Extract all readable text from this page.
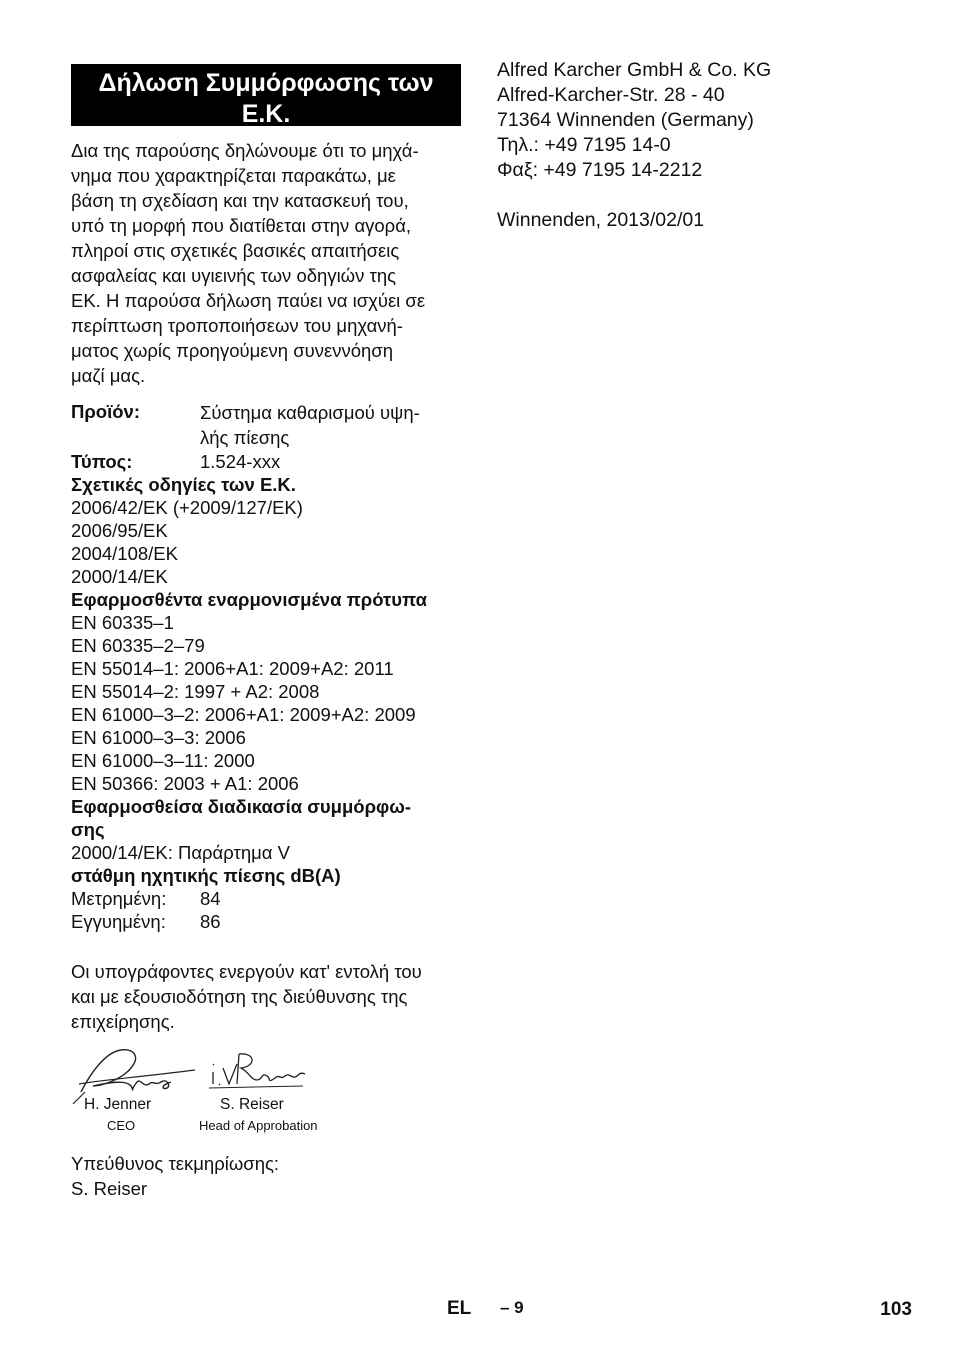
Δήλωση Συμμόρφωσης των Ε.Κ.
Δια της παρούσης δηλώνουμε ότι το μηχά-
νημα που χαρακτηρίζεται παρακάτω, με
βάση τη σχεδίαση και την κατασκευή του,
υπό τη μορφή που διατίθεται στην αγορά,
πληροί στις σχετικές βασικές απαιτήσεις
ασφαλείας και υγιεινής των οδηγιών της
ΕΚ. Η παρούσα δήλωση παύει να ισχύει σε
περίπτωση τροποποιήσεων του μηχανή-
ματος χωρίς προηγούμενη συνεννόηση
μαζί μας.
Προϊόν:	Σύστημα καθαρισμού υψη-
λής πίεσης
Τύπος:	1.524-xxx
Σχετικές οδηγίες των Ε.Κ.
2006/42/ΕΚ (+2009/127/ΕΚ)
2006/95/ΕΚ
2004/108/ΕΚ
2000/14/ΕΚ
Εφαρμοσθέντα εναρμονισμένα πρότυπα
EN 60335–1
EN 60335–2–79
EN 55014–1: 2006+A1: 2009+A2: 2011
EN 55014–2: 1997 + A2: 2008
EN 61000–3–2: 2006+A1: 2009+A2: 2009
EN 61000–3–3: 2006
EN 61000–3–11: 2000
EN 50366: 2003 + A1: 2006
Εφαρμοσθείσα διαδικασία συμμόρφω-
σης
2000/14/ΕΚ: Παράρτημα V
στάθμη ηχητικής πίεσης dB(A)
Μετρημένη:	84
Εγγυημένη:	86
Οι υπογράφοντες ενεργούν κατ' εντολή του
και με εξουσιοδότηση της διεύθυνσης της
επιχείρησης.
H. Jenner
CEO
S. Reiser
Head of Approbation
Υπεύθυνος τεκμηρίωσης:
S. Reiser
Alfred Karcher GmbH & Co. KG
Alfred-Karcher-Str. 28 - 40
71364 Winnenden (Germany)
Τηλ.: +49 7195 14-0
Φαξ: +49 7195 14-2212
Winnenden, 2013/02/01
EL – 9	103
